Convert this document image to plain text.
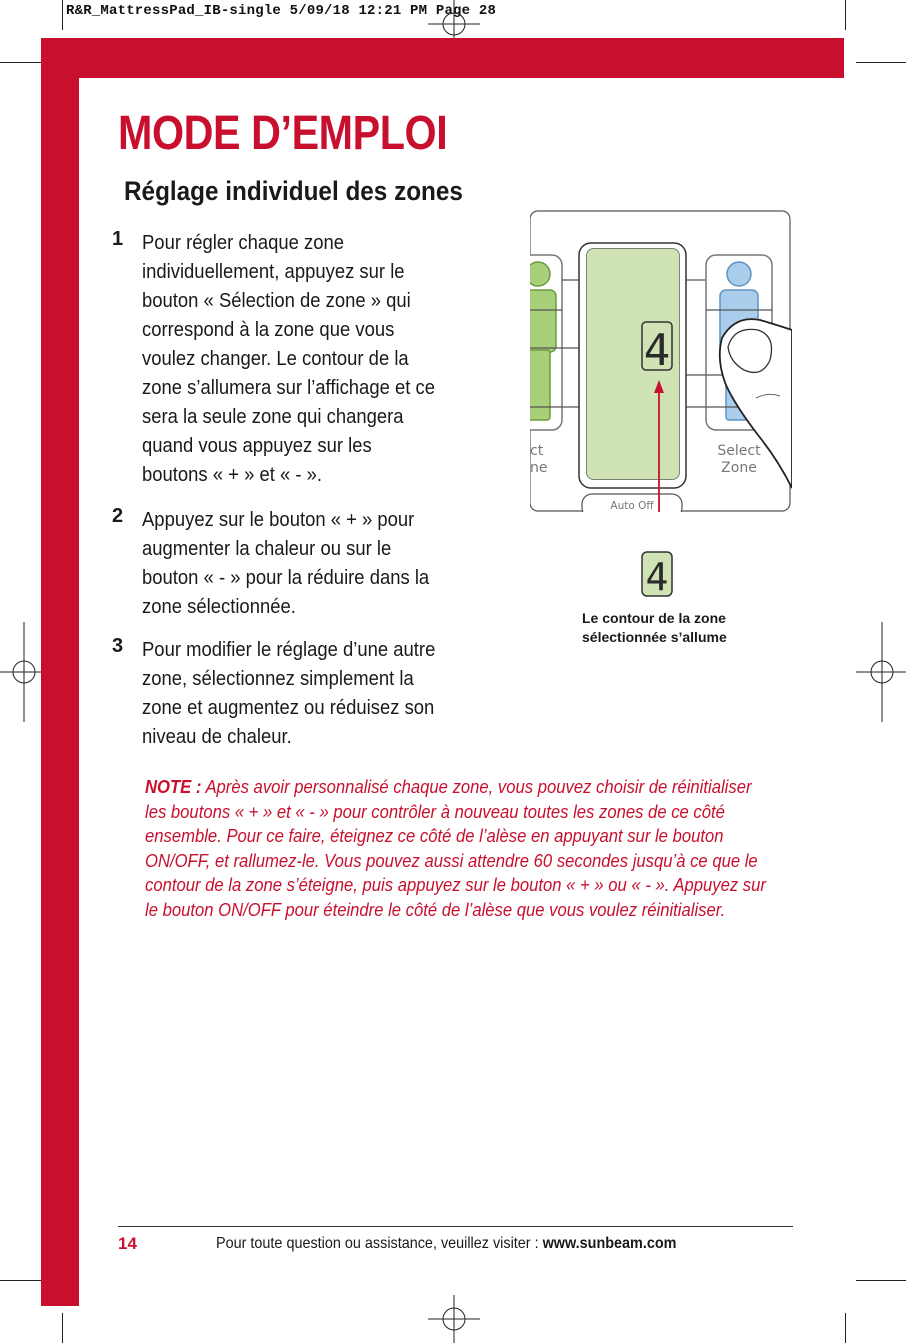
R&R_MattressPad_IB-single 5/09/18 12:21 PM Page 28
MODE D’EMPLOI
Réglage individuel des zones
1 Pour régler chaque zone individuellement, appuyez sur le bouton « Sélection de zone » qui correspond à la zone que vous voulez changer. Le contour de la zone s’allumera sur l’affichage et ce sera la seule zone qui changera quand vous appuyez sur les boutons « + » et « - ».
2 Appuyez sur le bouton « + » pour augmenter la chaleur ou sur le bouton « - » pour la réduire dans la zone sélectionnée.
3 Pour modifier le réglage d’une autre zone, sélectionnez simplement la zone et augmentez ou réduisez son niveau de chaleur.
ct
ne
4
Auto Off
Select
Zone
4
Le contour de la zone
sélectionnée s’allume
NOTE : Après avoir personnalisé chaque zone, vous pouvez choisir de réinitialiser les boutons « + » et « - » pour contrôler à nouveau toutes les zones de ce côté ensemble. Pour ce faire, éteignez ce côté de l’alèse en appuyant sur le bouton ON/OFF, et rallumez-le. Vous pouvez aussi attendre 60 secondes jusqu’à ce que le contour de la zone s’éteigne, puis appuyez sur le bouton « + » ou « - ». Appuyez sur le bouton ON/OFF pour éteindre le côté de l’alèse que vous voulez réinitialiser.
14	Pour toute question ou assistance, veuillez visiter : www.sunbeam.com
